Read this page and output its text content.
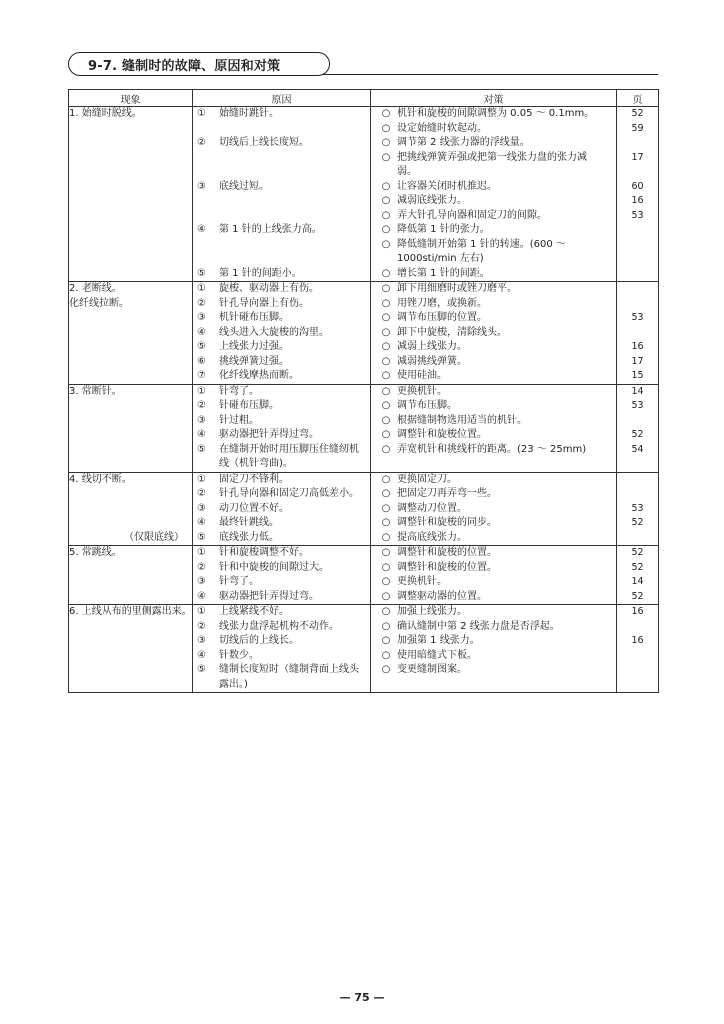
9-7. 缝制时的故障、原因和对策
现象	原因	对策	页
1. 始缝时脱线。	① 始缝时跳针。	○ 机针和旋梭的间隙调整为 0.05 ～ 0.1mm。	52
		○ 设定始缝时软起动。	59
	② 切线后上线长度短。	○ 调节第 2 线张力器的浮线量。	
		○ 把挑线弹簧弄强或把第一线张力盘的张力减弱。	17
	③ 底线过短。	○ 让容器关闭时机推迟。	60
		○ 减弱底线张力。	16
		○ 弄大针孔导向器和固定刀的间隙。	53
	④ 第 1 针的上线张力高。	○ 降低第 1 针的张力。	
		○ 降低缝制开始第 1 针的转速。(600 ～ 1000sti/min 左右)	
	⑤ 第 1 针的间距小。	○ 增长第 1 针的间距。	
2. 老断线。	① 旋梭、驱动器上有伤。	○ 卸下用细磨时或锉刀磨平。	

化纤线拉断。	② 针孔导向器上有伤。	○ 用锉刀磨，或换新。	
	③ 机针碰布压脚。	○ 调节布压脚的位置。	53
	④ 线头进入大旋梭的沟里。	○ 卸下中旋梭，清除线头。	
	⑤ 上线张力过强。	○ 减弱上线张力。	16
	⑥ 挑线弹簧过强。	○ 减弱挑线弹簧。	17
	⑦ 化纤线摩热而断。	○ 使用硅油。	15
3. 常断针。	① 针弯了。	○ 更换机针。	14
	② 针碰布压脚。	○ 调节布压脚。	53
	③ 针过粗。	○ 根据缝制物选用适当的机针。	
	④ 驱动器把针弄得过弯。	○ 调整针和旋梭位置。	52
	⑤ 在缝制开始时用压脚压住缝纫机线（机针弯曲)。	○ 弄宽机针和挑线杆的距离。(23 ～ 25mm)	54
4. 线切不断。	① 固定刀不锋利。	○ 更换固定刀。	
	② 针孔导向器和固定刀高低差小。	○ 把固定刀再弄弯一些。	
	③ 动刀位置不好。	○ 调整动刀位置。	53
	④ 最终针跳线。	○ 调整针和旋梭的同步。	52

（仅限底线）	⑤ 底线张力低。	○ 提高底线张力。	
5. 常跳线。	① 针和旋梭调整不好。	○ 调整针和旋梭的位置。	52
	② 针和中旋梭的间隙过大。	○ 调整针和旋梭的位置。	52
	③ 针弯了。	○ 更换机针。	14
	④ 驱动器把针弄得过弯。	○ 调整驱动器的位置。	52
6. 上线从布的里侧露出来。	① 上线紧线不好。	○ 加强上线张力。	16
	② 线张力盘浮起机构不动作。	○ 确认缝制中第 2 线张力盘是否浮起。	
	③ 切线后的上线长。	○ 加强第 1 线张力。	16
	④ 针数少。	○ 使用暗缝式下板。	
	⑤ 缝制长度短时（缝制背面上线头露出。)	○ 变更缝制图案。	
— 75 —
